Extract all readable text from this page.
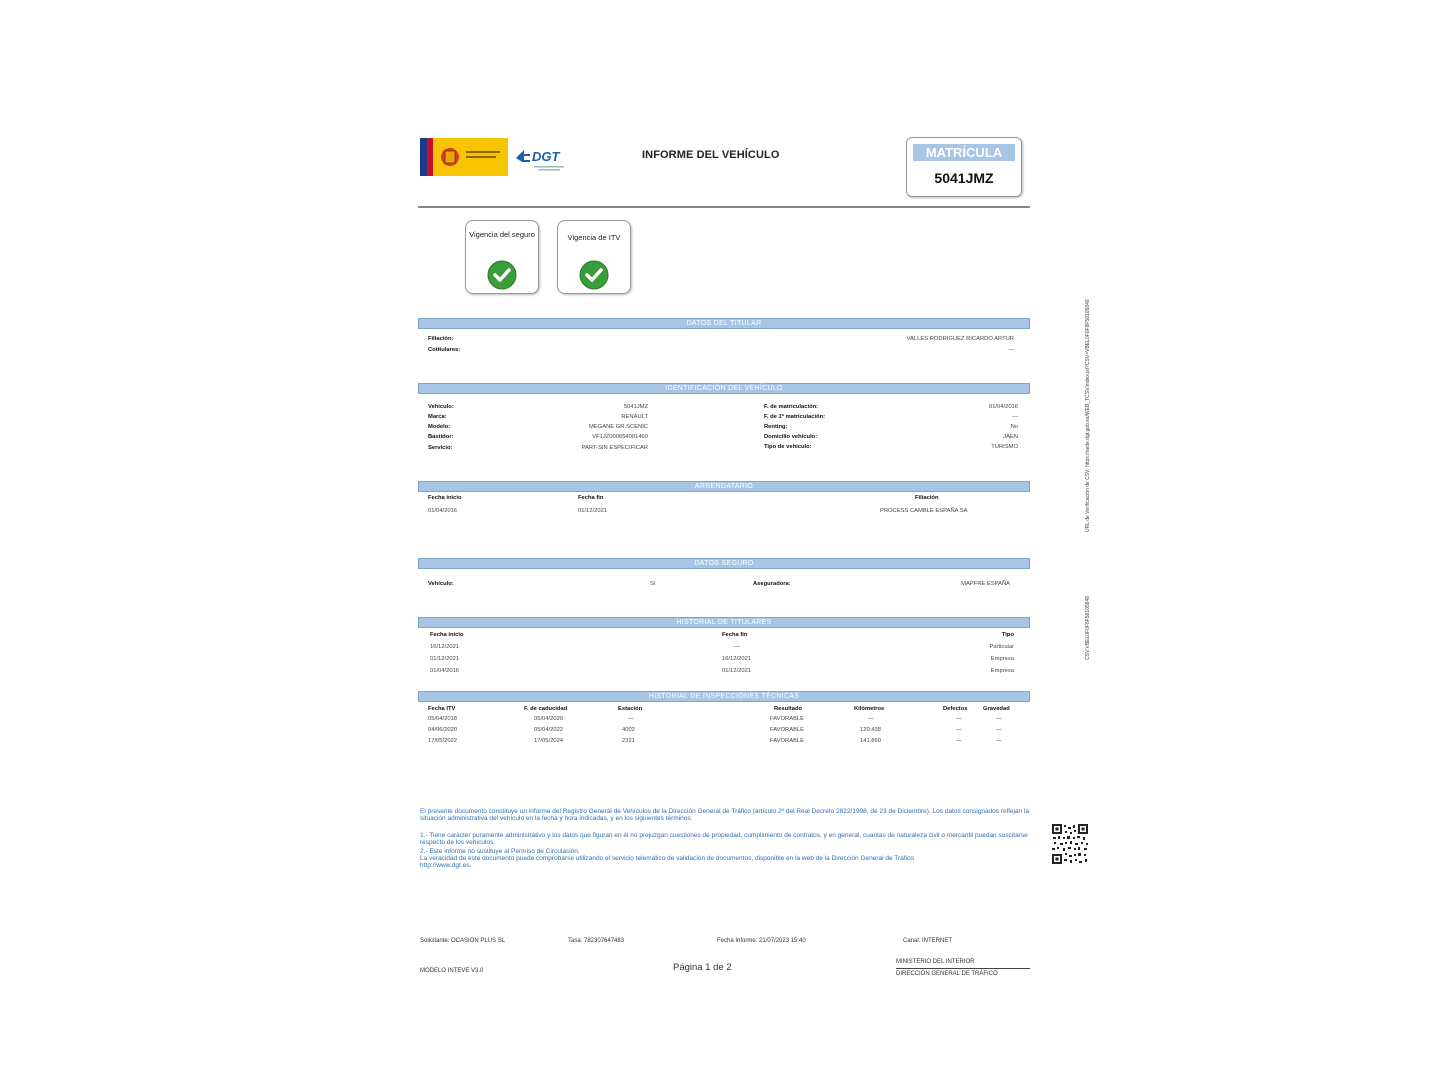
DGT	INFORME DEL VEHÍCULO	MATRÍCULA
5041JMZ
Vigencia del seguro	Vigencia de ITV
DATOS DEL TITULAR
Filiación:	VALLES RODRIGUEZ RICARDO ARTUR
Cotitulares:	—
IDENTIFICACIÓN DEL VEHÍCULO
Vehículo:	5041JMZ
Marca:	RENAULT
Modelo:	MEGANE GR.SCENIC
Bastidor:	VF1JZ000654001460
Servicio:	PART-SIN ESPECIFICAR
F. de matriculación:	01/04/2016
F. de 1ª matriculación:	—
Renting:	No
Domicilio vehículo:	JAEN
Tipo de vehículo:	TURISMO
ARRENDATARIO
Fecha inicio	Fecha fin	Filiación
01/04/2016	01/12/2021	PROCESS CAMBLE ESPAÑA SA
DATOS SEGURO
Vehículo:	Sí	Aseguradora:	MAPFRE ESPAÑA
HISTORIAL DE TITULARES
Fecha inicio	Fecha fin	Tipo
16/12/2021	—	Particular
01/12/2021	16/12/2021	Empresa
01/04/2016	01/12/2021	Empresa
HISTORIAL DE INSPECCIONES TÉCNICAS
Fecha ITV	F. de caducidad	Estación	Resultado	Kilómetros	Defectos	Gravedad
05/04/2018	05/04/2020	—	FAVORABLE	—	—	—
04/06/2020	05/04/2022	4002	FAVORABLE	120.438	—	—
17/05/2022	17/05/2024	2321	FAVORABLE	141.860	—	—
El presente documento constituye un informe del Registro General de Vehículos de la Dirección General de Tráfico (artículo 2º del Real Decreto 2822/1998, de 23 de Diciembre). Los datos consignados reflejan la situación administrativa del vehículo en la fecha y hora indicadas, y en los siguientes términos:
1.- Tiene carácter puramente administrativo y los datos que figuran en él no prejuzgan cuestiones de propiedad, cumplimiento de contratos, y en general, cuantas de naturaleza civil o mercantil puedan suscitarse respecto de los vehículos.
2.- Este informe no sustituye al Permiso de Circulación.
La veracidad de este documento puede comprobarse utilizando el servicio telemático de validación de documentos, disponible en la web de la Dirección General de Tráfico http://www.dgt.es.
Solicitante: OCASION PLUS SL	Tasa: 78230764748​3	Fecha Informe: 21/07/2023 15:40	Canal: INTERNET
MODELO INTEVE V3.0	Página 1 de 2	MINISTERIO DEL INTERIOR
DIRECCIÓN GENERAL DE TRÁFICO
URL de Verificación de CSV: https://sede.dgt.gob.es/WEB_TCSV/index.jsf?CSV=VBEL0F0F8F581058​48
CSV:VBEL0F0F8F58105848
